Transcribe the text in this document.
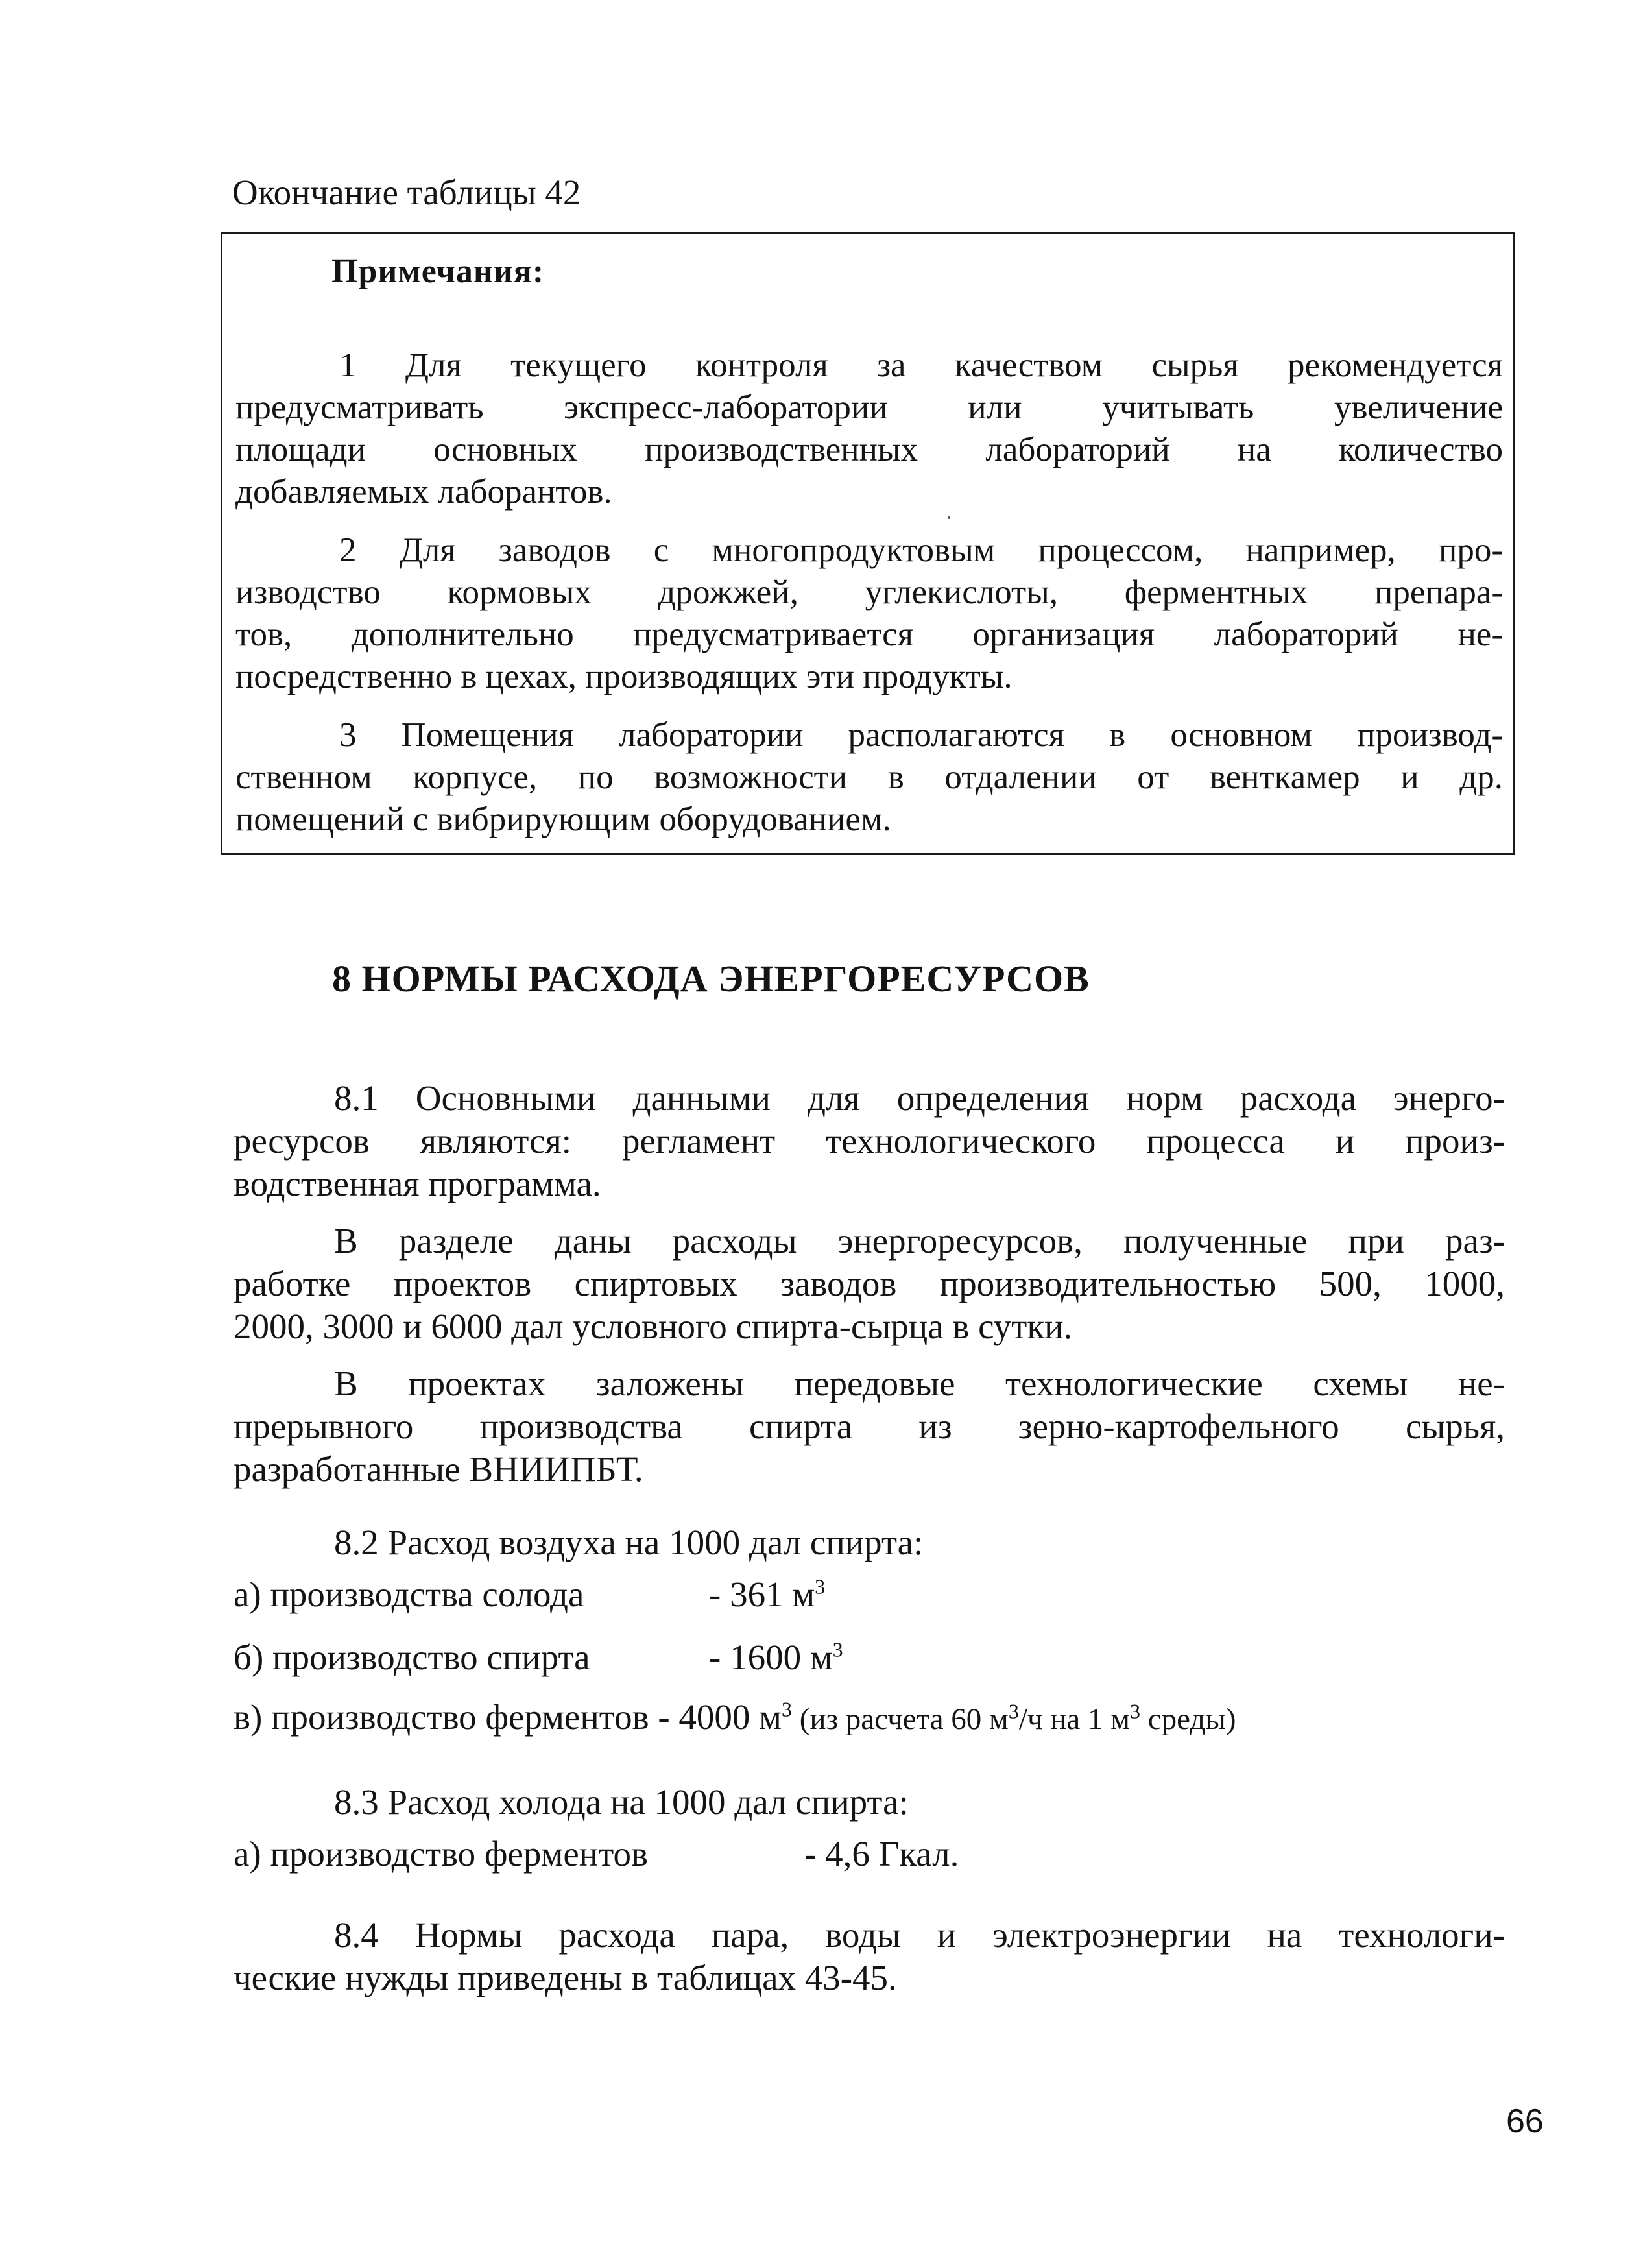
Окончание таблицы 42
Примечания:
1 Для текущего контроля за качеством сырья рекомендуется
предусматривать экспресс-лаборатории или учитывать увеличение
площади основных производственных лабораторий на количество
добавляемых лаборантов.
2 Для заводов с многопродуктовым процессом, например, про-
изводство кормовых дрожжей, углекислоты, ферментных препара-
тов, дополнительно предусматривается организация лабораторий не-
посредственно в цехах, производящих эти продукты.
3 Помещения лаборатории располагаются в основном производ-
ственном корпусе, по возможности в отдалении от венткамер и др.
помещений с вибрирующим оборудованием.
8 НОРМЫ РАСХОДА ЭНЕРГОРЕСУРСОВ
8.1 Основными данными для определения норм расхода энерго-
ресурсов являются: регламент технологического процесса и произ-
водственная программа.
В разделе даны расходы энергоресурсов, полученные при раз-
работке проектов спиртовых заводов производительностью 500, 1000,
2000, 3000 и 6000 дал условного спирта-сырца в сутки.
В проектах заложены передовые технологические схемы не-
прерывного производства спирта из зерно-картофельного сырья,
разработанные ВНИИПБТ.
8.2 Расход воздуха на 1000 дал спирта:
а) производства солода	- 361 $м^3$
б) производство спирта	- 1600 $м^3$
в) производство ферментов - 4000 $м^3$ (из расчета 60 $м^3/ч$ на 1 $м^3$ среды)
8.3 Расход холода на 1000 дал спирта:
а) производство ферментов	- 4,6 Гкал.
8.4 Нормы расхода пара, воды и электроэнергии на технологи-
ческие нужды приведены в таблицах 43-45.
66
